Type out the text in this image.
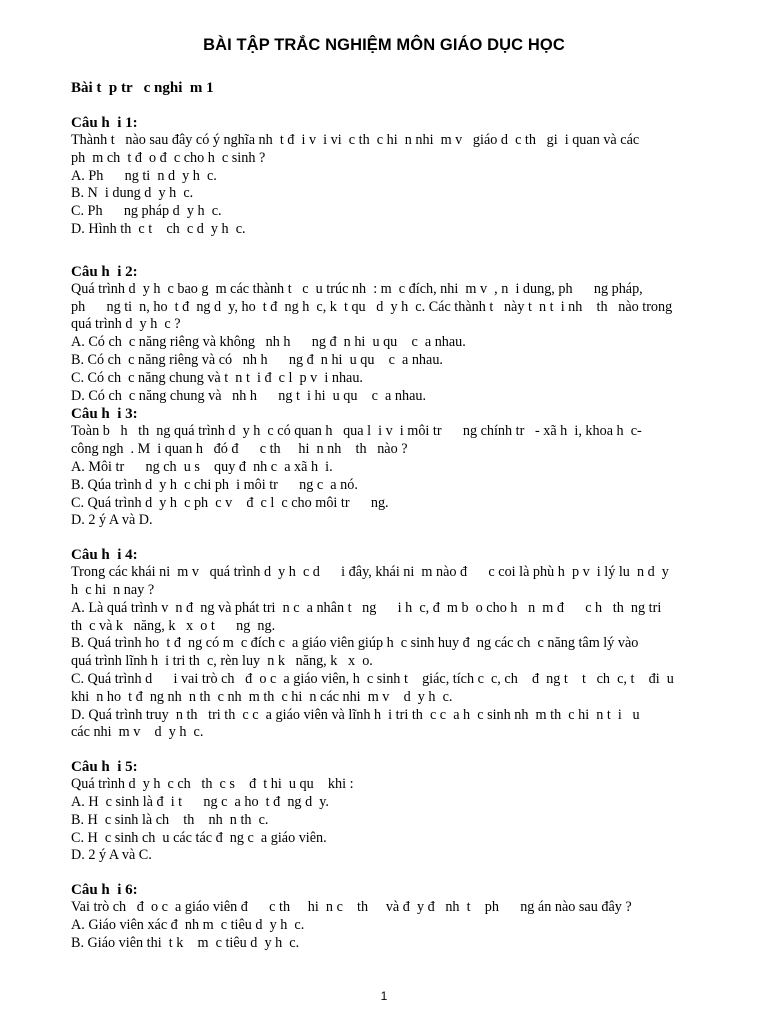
BÀI TẬP TRẮC NGHIỆM MÔN GIÁO DỤC HỌC
Bài t  p tr   c nghi  m 1
Câu h  i 1:
Thành t   nào sau đây có ý nghĩa nh  t đ  i v  i vi  c th  c hi  n nhi  m v   giáo d  c th   gi  i quan và các
ph  m ch  t đ  o đ  c cho h  c sinh ?
A. Ph      ng ti  n d  y h  c.
B. N  i dung d  y h  c.
C. Ph      ng pháp d  y h  c.
D. Hình th  c t    ch  c d  y h  c.
Câu h  i 2:
Quá trình d  y h  c bao g  m các thành t   c  u trúc nh  : m  c đích, nhi  m v  , n  i dung, ph      ng pháp,
ph      ng ti  n, ho  t đ  ng d  y, ho  t đ  ng h  c, k  t qu   d  y h  c. Các thành t   này t  n t  i nh    th   nào trong
quá trình d  y h  c ?
A. Có ch  c năng riêng và không   nh h      ng đ  n hi  u qu    c  a nhau.
B. Có ch  c năng riêng và có   nh h      ng đ  n hi  u qu    c  a nhau.
C. Có ch  c năng chung và t  n t  i đ  c l  p v  i nhau.
D. Có ch  c năng chung và   nh h      ng t  i hi  u qu    c  a nhau.
Câu h  i 3:
Toàn b   h   th  ng quá trình d  y h  c có quan h   qua l  i v  i môi tr      ng chính tr   - xã h  i, khoa h  c-
công ngh  . M  i quan h   đó đ      c th     hi  n nh    th   nào ?
A. Môi tr      ng ch  u s    quy đ  nh c  a xã h  i.
B. Qúa trình d  y h  c chi ph  i môi tr      ng c  a nó.
C. Quá trình d  y h  c ph  c v    đ  c l  c cho môi tr      ng.
D. 2 ý A và D.
Câu h  i 4:
Trong các khái ni  m v   quá trình d  y h  c d      i đây, khái ni  m nào đ      c coi là phù h  p v  i lý lu  n d  y
h  c hi  n nay ?
A. Là quá trình v  n đ  ng và phát tri  n c  a nhân t   ng      i h  c, đ  m b  o cho h   n  m đ      c h   th  ng tri
th  c và k   năng, k   x  o t      ng  ng.
B. Quá trình ho  t đ  ng có m  c đích c  a giáo viên giúp h  c sinh huy đ  ng các ch  c năng tâm lý vào
quá trình lĩnh h  i tri th  c, rèn luy  n k   năng, k   x  o.
C. Quá trình d      i vai trò ch   đ  o c  a giáo viên, h  c sinh t    giác, tích c  c, ch    đ  ng t    t   ch  c, t    đi  u
khi  n ho  t đ  ng nh  n th  c nh  m th  c hi  n các nhi  m v    d  y h  c.
D. Quá trình truy  n th   tri th  c c  a giáo viên và lĩnh h  i tri th  c c  a h  c sinh nh  m th  c hi  n t  i   u
các nhi  m v    d  y h  c.
Câu h  i 5:
Quá trình d  y h  c ch   th  c s    đ  t hi  u qu    khi :
A. H  c sinh là đ  i t      ng c  a ho  t đ  ng d  y.
B. H  c sinh là ch    th    nh  n th  c.
C. H  c sinh ch  u các tác đ  ng c  a giáo viên.
D. 2 ý A và C.
Câu h  i 6:
Vai trò ch   đ  o c  a giáo viên đ      c th     hi  n c    th     và đ  y đ   nh  t    ph      ng án nào sau đây ?
A. Giáo viên xác đ  nh m  c tiêu d  y h  c.
B. Giáo viên thi  t k    m  c tiêu d  y h  c.
1
